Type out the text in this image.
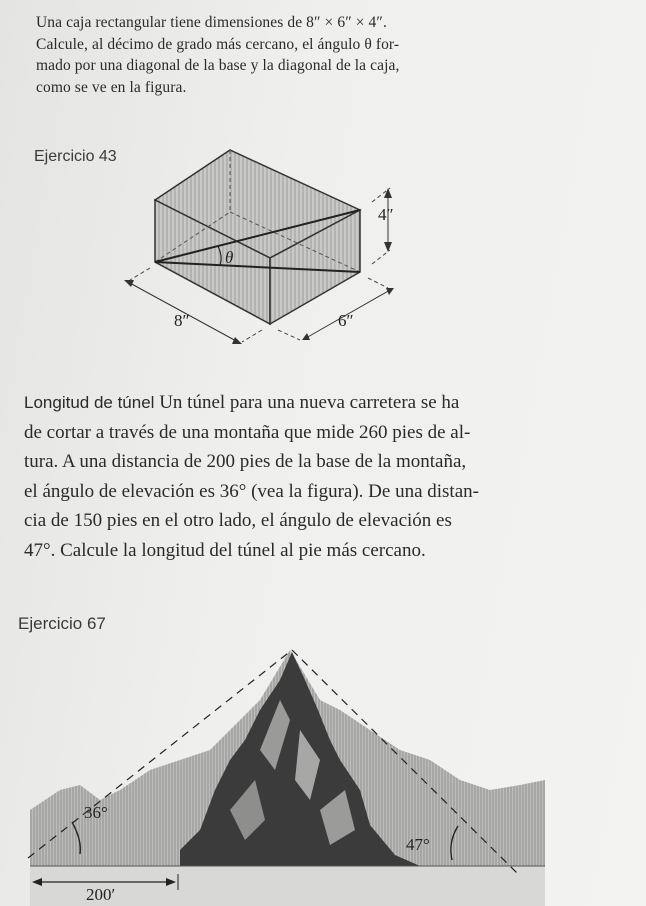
Una caja rectangular tiene dimensiones de 8″ × 6″ × 4″.
Calcule, al décimo de grado más cercano, el ángulo θ for-
mado por una diagonal de la base y la diagonal de la caja,
como se ve en la figura.
Ejercicio 43
θ
4″
8″	6″
Longitud de túnel Un túnel para una nueva carretera se ha
de cortar a través de una montaña que mide 260 pies de al-
tura. A una distancia de 200 pies de la base de la montaña,
el ángulo de elevación es 36° (vea la figura). De una distan-
cia de 150 pies en el otro lado, el ángulo de elevación es
47°. Calcule la longitud del túnel al pie más cercano.
Ejercicio 67
36°
47°
200′
